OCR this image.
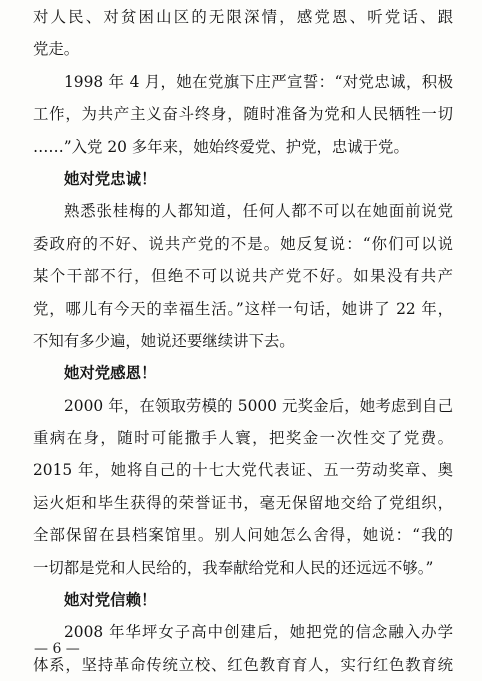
对人民、对贫困山区的无限深情，感党恩、听党话、跟
党走。
1998 年 4 月，她在党旗下庄严宣誓：“对党忠诚，积极
工作，为共产主义奋斗终身，随时准备为党和人民牺牲一切
……”入党 20 多年来，她始终爱党、护党，忠诚于党。
她对党忠诚！
熟悉张桂梅的人都知道，任何人都不可以在她面前说党
委政府的不好、说共产党的不是。她反复说：“你们可以说
某个干部不行，但绝不可以说共产党不好。如果没有共产
党，哪儿有今天的幸福生活。”这样一句话，她讲了 22 年，
不知有多少遍，她说还要继续讲下去。
她对党感恩！
2000 年，在领取劳模的 5000 元奖金后，她考虑到自己
重病在身，随时可能撒手人寰，把奖金一次性交了党费。
2015 年，她将自己的十七大党代表证、五一劳动奖章、奥
运火炬和毕生获得的荣誉证书，毫无保留地交给了党组织，
全部保留在县档案馆里。别人问她怎么舍得，她说：“我的
一切都是党和人民给的，我奉献给党和人民的还远远不够。”
她对党信赖！
2008 年华坪女子高中创建后，她把党的信念融入办学
体系，坚持革命传统立校、红色教育育人，实行红色教育统
— 6 —
